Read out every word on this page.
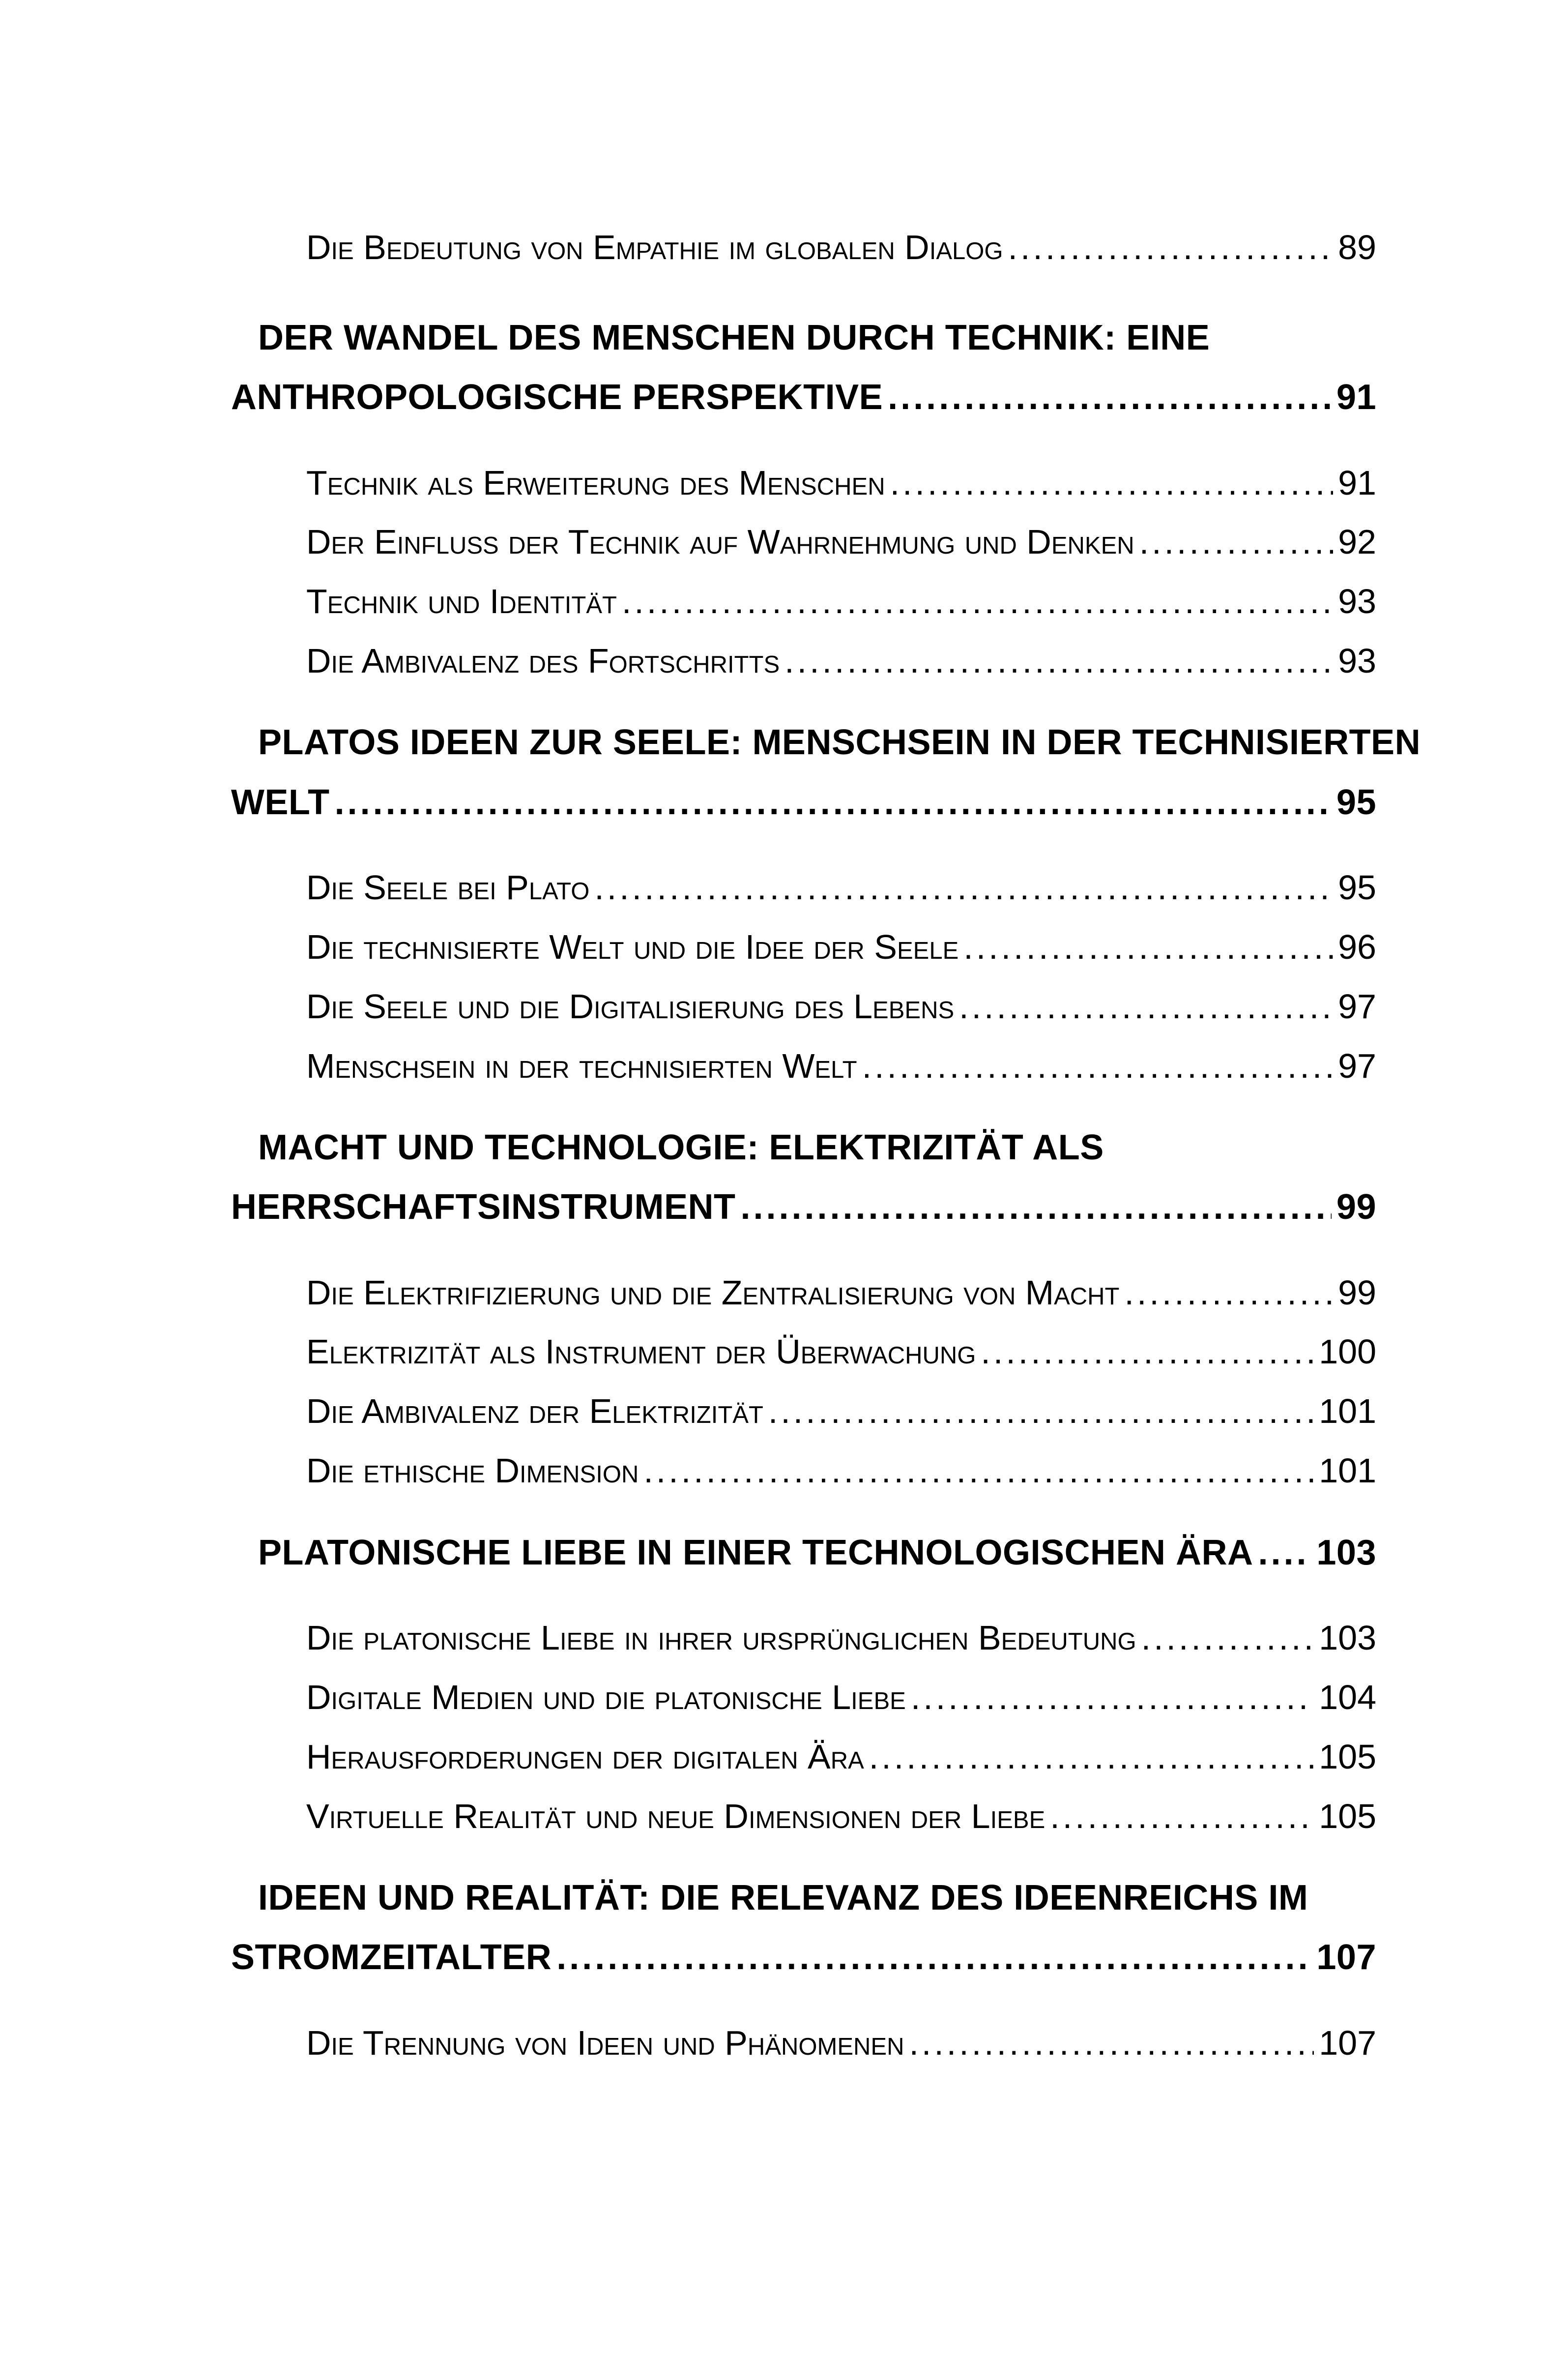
Die Bedeutung von Empathie im globalen Dialog .....	89
DER WANDEL DES MENSCHEN DURCH TECHNIK: EINE
ANTHROPOLOGISCHE PERSPEKTIVE .....	91
Technik als Erweiterung des Menschen .....	91
Der Einfluss der Technik auf Wahrnehmung und Denken .....	92
Technik und Identität .....	93
Die Ambivalenz des Fortschritts .....	93
PLATOS IDEEN ZUR SEELE: MENSCHSEIN IN DER TECHNISIERTEN
WELT .....	95
Die Seele bei Plato .....	95
Die technisierte Welt und die Idee der Seele .....	96
Die Seele und die Digitalisierung des Lebens .....	97
Menschsein in der technisierten Welt .....	97
MACHT UND TECHNOLOGIE: ELEKTRIZITÄT ALS
HERRSCHAFTSINSTRUMENT .....	99
Die Elektrifizierung und die Zentralisierung von Macht .....	99
Elektrizität als Instrument der Überwachung .....	100
Die Ambivalenz der Elektrizität .....	101
Die ethische Dimension .....	101
PLATONISCHE LIEBE IN EINER TECHNOLOGISCHEN ÄRA ..... 103
Die platonische Liebe in ihrer ursprünglichen Bedeutung .....	103
Digitale Medien und die platonische Liebe .....	104
Herausforderungen der digitalen Ära .....	105
Virtuelle Realität und neue Dimensionen der Liebe .....	105
IDEEN UND REALITÄT: DIE RELEVANZ DES IDEENREICHS IM
STROMZEITALTER .....	107
Die Trennung von Ideen und Phänomenen .....	107
